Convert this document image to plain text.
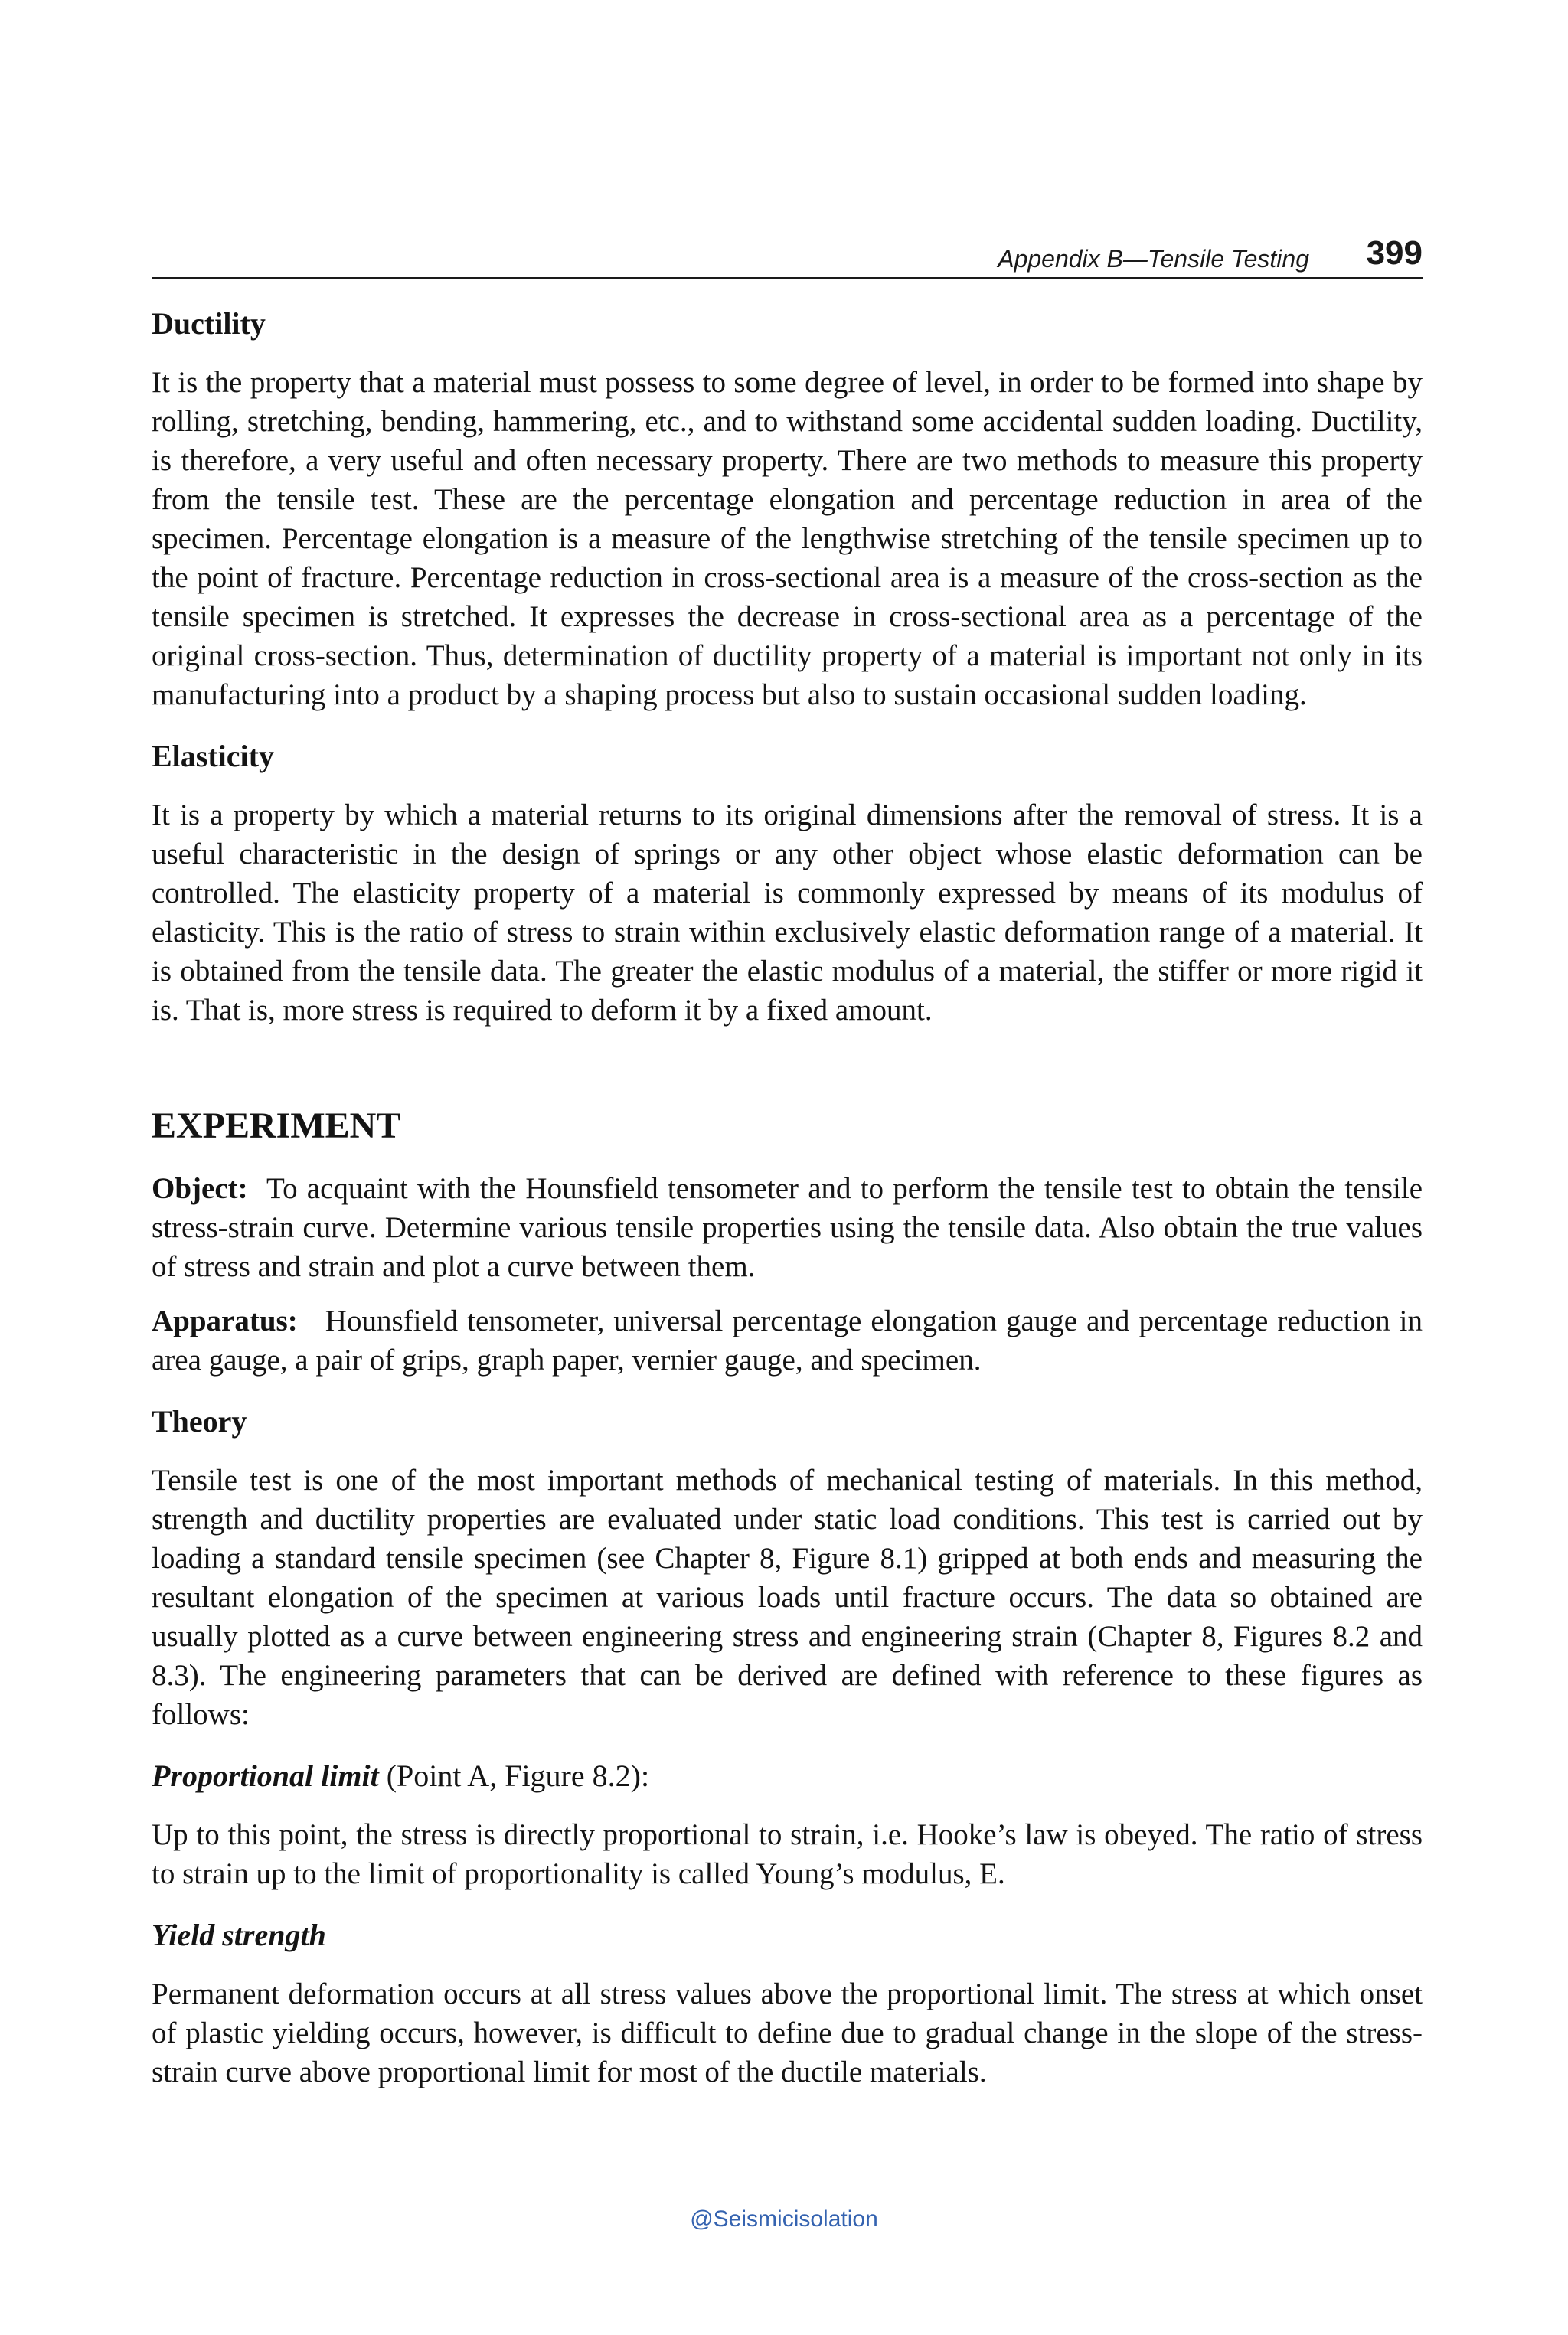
Appendix B—Tensile Testing 399
Ductility

It is the property that a material must possess to some degree of level, in order to be formed into shape by rolling, stretching, bending, hammering, etc., and to withstand some accidental sudden loading. Ductility, is therefore, a very useful and often necessary property. There are two methods to measure this property from the tensile test. These are the percentage elongation and percentage reduction in area of the specimen. Percentage elongation is a measure of the lengthwise stretching of the tensile specimen up to the point of fracture. Percentage reduction in cross-sectional area is a measure of the cross-section as the tensile specimen is stretched. It expresses the decrease in cross-sectional area as a percentage of the original cross-section. Thus, determination of ductility property of a material is important not only in its manufacturing into a product by a shaping process but also to sustain occasional sudden loading.

Elasticity

It is a property by which a material returns to its original dimensions after the removal of stress. It is a useful characteristic in the design of springs or any other object whose elastic deformation can be controlled. The elasticity property of a material is commonly expressed by means of its modulus of elasticity. This is the ratio of stress to strain within exclusively elastic deformation range of a material. It is obtained from the tensile data. The greater the elastic modulus of a material, the stiffer or more rigid it is. That is, more stress is required to deform it by a fixed amount.

EXPERIMENT

Object: To acquaint with the Hounsfield tensometer and to perform the tensile test to obtain the tensile stress-strain curve. Determine various tensile properties using the tensile data. Also obtain the true values of stress and strain and plot a curve between them.

Apparatus: Hounsfield tensometer, universal percentage elongation gauge and percentage reduction in area gauge, a pair of grips, graph paper, vernier gauge, and specimen.

Theory

Tensile test is one of the most important methods of mechanical testing of materials. In this method, strength and ductility properties are evaluated under static load conditions. This test is carried out by loading a standard tensile specimen (see Chapter 8, Figure 8.1) gripped at both ends and measuring the resultant elongation of the specimen at various loads until fracture occurs. The data so obtained are usually plotted as a curve between engineering stress and engineering strain (Chapter 8, Figures 8.2 and 8.3). The engineering parameters that can be derived are defined with reference to these figures as follows:

Proportional limit (Point A, Figure 8.2):

Up to this point, the stress is directly proportional to strain, i.e. Hooke’s law is obeyed. The ratio of stress to strain up to the limit of proportionality is called Young’s modulus, E.

Yield strength

Permanent deformation occurs at all stress values above the proportional limit. The stress at which onset of plastic yielding occurs, however, is difficult to define due to gradual change in the slope of the stress-strain curve above proportional limit for most of the ductile materials.

@Seismicisolation
